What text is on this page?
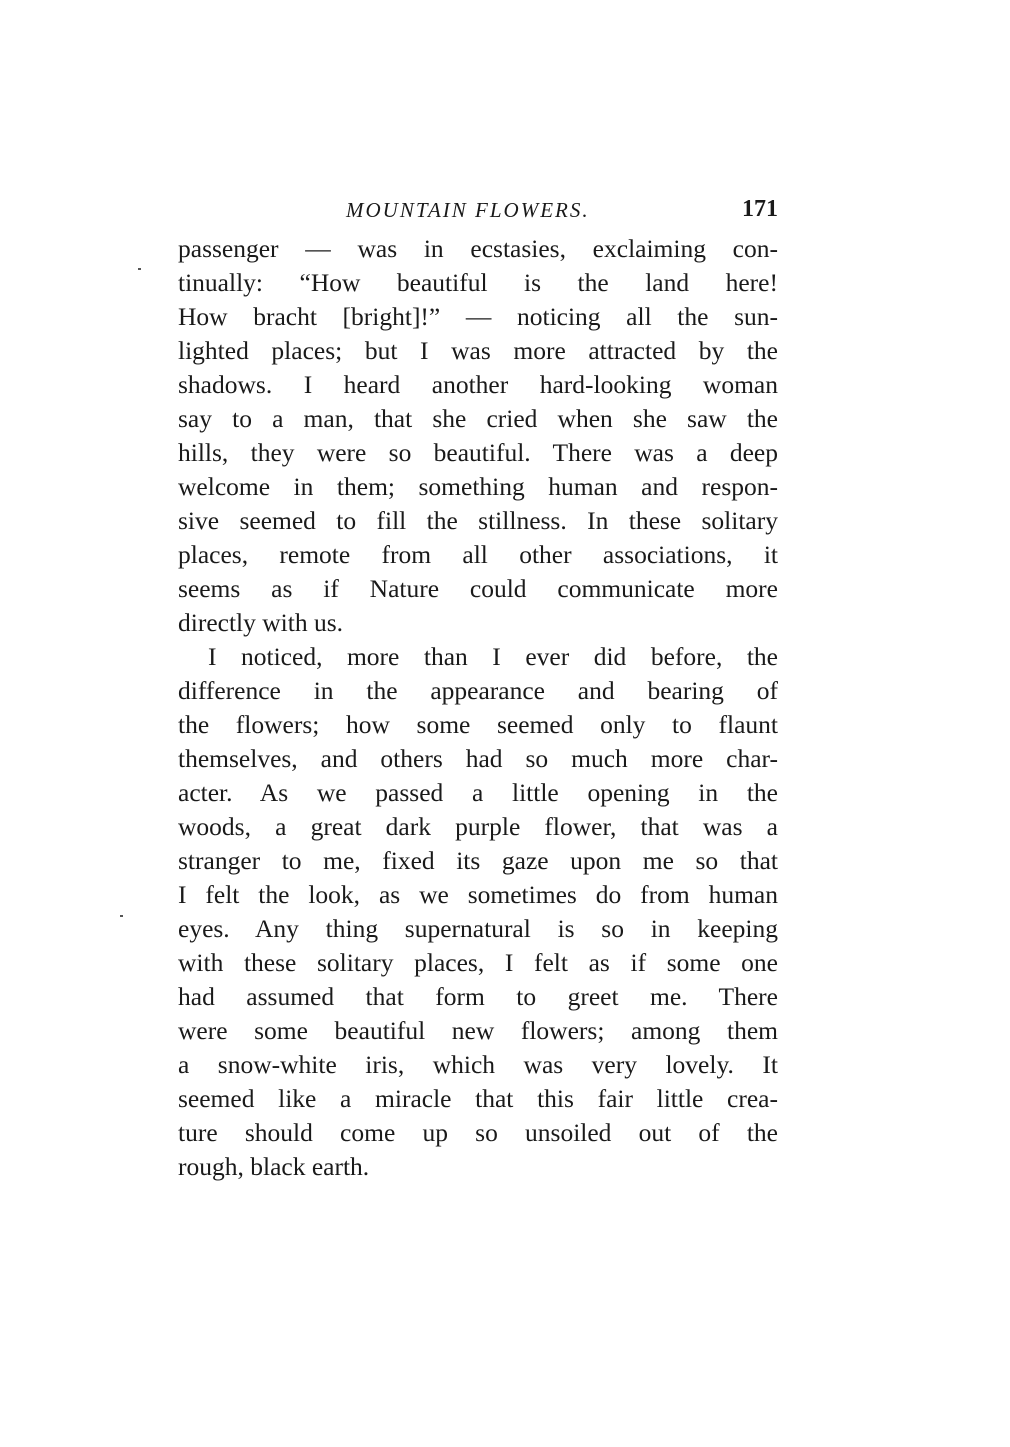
MOUNTAIN FLOWERS.	171
passenger — was in ecstasies, exclaiming con-
tinually: “How beautiful is the land here!
How bracht [bright]!” — noticing all the sun-
lighted places; but I was more attracted by the
shadows. I heard another hard-looking woman
say to a man, that she cried when she saw the
hills, they were so beautiful. There was a deep
welcome in them; something human and respon-
sive seemed to fill the stillness. In these solitary
places, remote from all other associations, it
seems as if Nature could communicate more
directly with us.
I noticed, more than I ever did before, the
difference in the appearance and bearing of
the flowers; how some seemed only to flaunt
themselves, and others had so much more char-
acter. As we passed a little opening in the
woods, a great dark purple flower, that was a
stranger to me, fixed its gaze upon me so that
I felt the look, as we sometimes do from human
eyes. Any thing supernatural is so in keeping
with these solitary places, I felt as if some one
had assumed that form to greet me. There
were some beautiful new flowers; among them
a snow-white iris, which was very lovely. It
seemed like a miracle that this fair little crea-
ture should come up so unsoiled out of the
rough, black earth.
